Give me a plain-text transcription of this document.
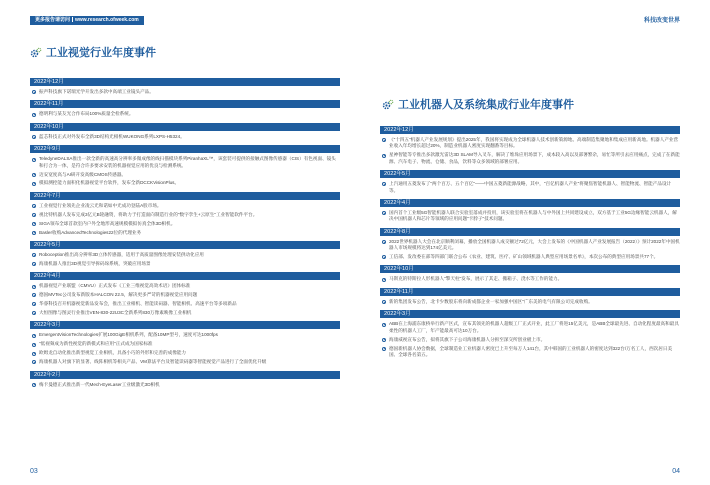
更多报告请访问 www.research.ofweek.com	科技改变世界
工业视觉行业年度事件
2022年12月
振声科技旗下诺瑞光学开发出多款中高端工业镜头产品。
2022年11月
德明利与某友光合作布局100%质量全检系统。
2022年10月
蓝芯科技正式对外发布全新3D结构光相机WUKONG系列LXPS-H5324。
2022年9月
TeledyneDALSA推出一款全新的高速高分辨率多微成像的线扫描模块系列PiranhaXL™，该套装可提供的接触式图像传感器（CIS）有色视面、镜头和打合为一体，是符合许多要求安装的机器视觉应用的优良与检测系统。
迈安宽度高与AI研开发高级CMOS传感器。
模拟测控能力面积化机器视觉平台软件，发布全新DCCKVisionPlus。
2022年7月
工业视觉行业领先企业凌云光和诺如中光成功登陆A股市场。
视比特机器人发布完成3亿元B轮融资，将助力于打造面向制造行业的"数字孪生+云原生"工业智能软件平台。
SIGA领布全球首款室内户外全地形高速规模模拟仿真全体3D相机。
Basler收购AdvancedTechnologies22位的代理业务
2022年5月
Roboception推出高分辨率3D立体传感器，适用于高质量图像处理安装供动化应用
海康机器人推出3D视觉引导拆码垛系统，突破应用场景
2022年4月
机器视觉产业联盟（CMVU）正式发布《工业三维视觉高效术语》团体标准
德国MVTec公司发布新版本HALCON 22.5，解决更多严苛的机器视觉应用问题
华睿科技召开机器视觉新品发布会，推出工业相机、智能读码器、智能相机、高速平台等多项新品
大恒图像与图灵行业推出VEN-830-22U3C全新系列830万像素映像工业相机
2022年3月
EmergentVisionTechnologies扩展100GigE相机系列，配备10MP型号，速度可达1000fps
"低视频成为新性视觉的新模式和应用"正式成为国家标准
欧姆龙自动化推出新型视觉工业相机，具备小巧的外形和完善的成像能力
海康机器人对旗下的显著、线阵相机等相关产品、VM算法平台及智能读码器等智能视觉产品进行了全面优化升级
2022年2月
梅卡曼德正式推出新一代Mech-EyeLaser工业级激光3D相机
工业机器人及系统集成行业年度事件
2022年12月
《"十四五"机器人产业发展规划》提出2025年，我国将实现成为全球机器人技术创新策源地、高端制造集聚地和集成应用新高地。机器人产业营业收入年均增长超过20%，制造业机器人密度实现翻番等目标。
星神智能等专推出多款激光雷达3D SLAM导入叉车，解决了堆垛应用场景下，成本较入高以及部署繁杂，易忙等所引去应用痛点，完成了在新能源、汽车电子、物流、仓储、食品，饮料等众多领域的部署应用。
2022年5月
上汽通用五菱发布了"两个百万、五个百亿"——中国五菱新能源战略，其中，"百亿机器人产业"将聚焦智能机器人、智能物流、智能产品设计等。
2022年4月
国内首个工业级5G智能机器人联合实验室落成并投用，该实验室将在机器人与中外国上共同建设成立，双方基于工业5G边缘智能云机器人，解决中国机器人和芯片等领域的应用问题"卡脖子"技术问题。
2022年8月
2022世界机器人大会在北京顺利闭幕，播放全国机器人成交额过72亿元，大会上发布的《中国机器人产业发展报告（2022）》预计2022年中国机器人市场规模将达到174亿美元。
工信部、发改委在部等四部门联合公布《农业、建筑、医疗、矿山领域机器人典型应用场景名单》，本次公布的典型应用场景共77个。
2022年10月
马斯克的特斯拉人形机器人"擎天柱"发布，展示了其走、搬箱子、浇水等工作的能力。
2022年11月
新的集团发布公告，北卡少数股东将向新成都企业一家加强中国区"广东美的电气有限公司完成收购。
2022年3月
ABB在上海浦东康桥举行新产区式，宣布其领先的机器人超级工厂正式开业，此工厂将进15亿美元，是ABB全球最先进、自动化程度最高和最具柔性的机器人工厂，年产能最高可达10万台。
海康威视宣布公告，拟将其旗下子公司海康机器人分拆至深交所创业板上市。
德国新机器人协会数据，全球制造业工业机器人密度已上升至每万人141台，其中韩国的工业机器人的密度达到322台/万名工人，西次居日美国、全球各名第五。
03	04
